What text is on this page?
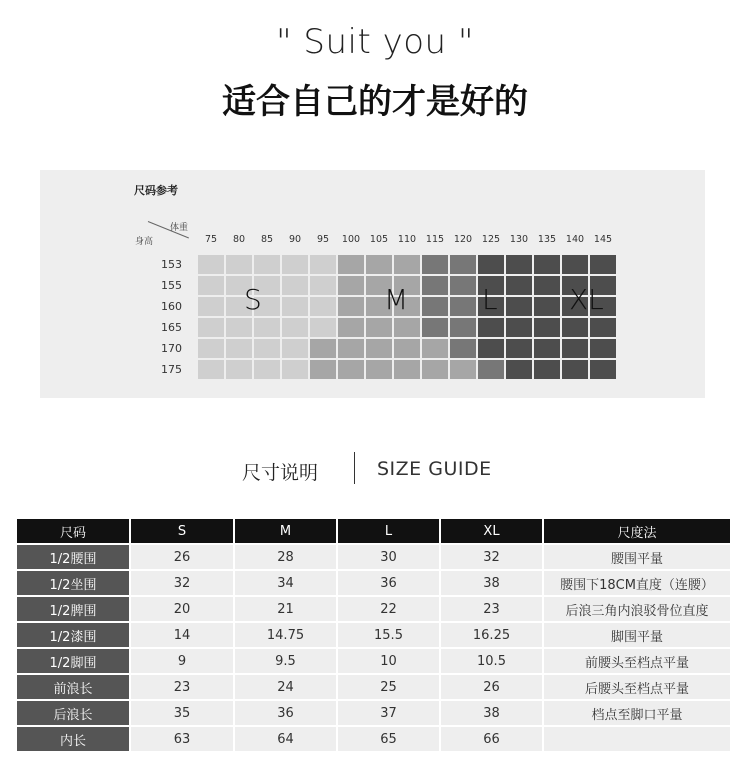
" Suit you "
适合自己的才是好的
尺码参考
体重
身高	75	80	85	90	95	100	105	110	115	120	125	130	135	140	145
153
155
160
165
170
175
S	M	L	XL
尺寸说明	SIZE GUIDE
尺码	S	M	L	XL	尺度法
1/2腰围	26	28	30	32	腰围平量
1/2坐围	32	34	36	38	腰围下18CM直度（连腰）
1/2脾围	20	21	22	23	后浪三角内浪驳骨位直度
1/2漆围	14	14.75	15.5	16.25	脚围平量
1/2脚围	9	9.5	10	10.5	前腰头至档点平量
前浪长	23	24	25	26	后腰头至档点平量
后浪长	35	36	37	38	档点至脚口平量
内长	63	64	65	66	
